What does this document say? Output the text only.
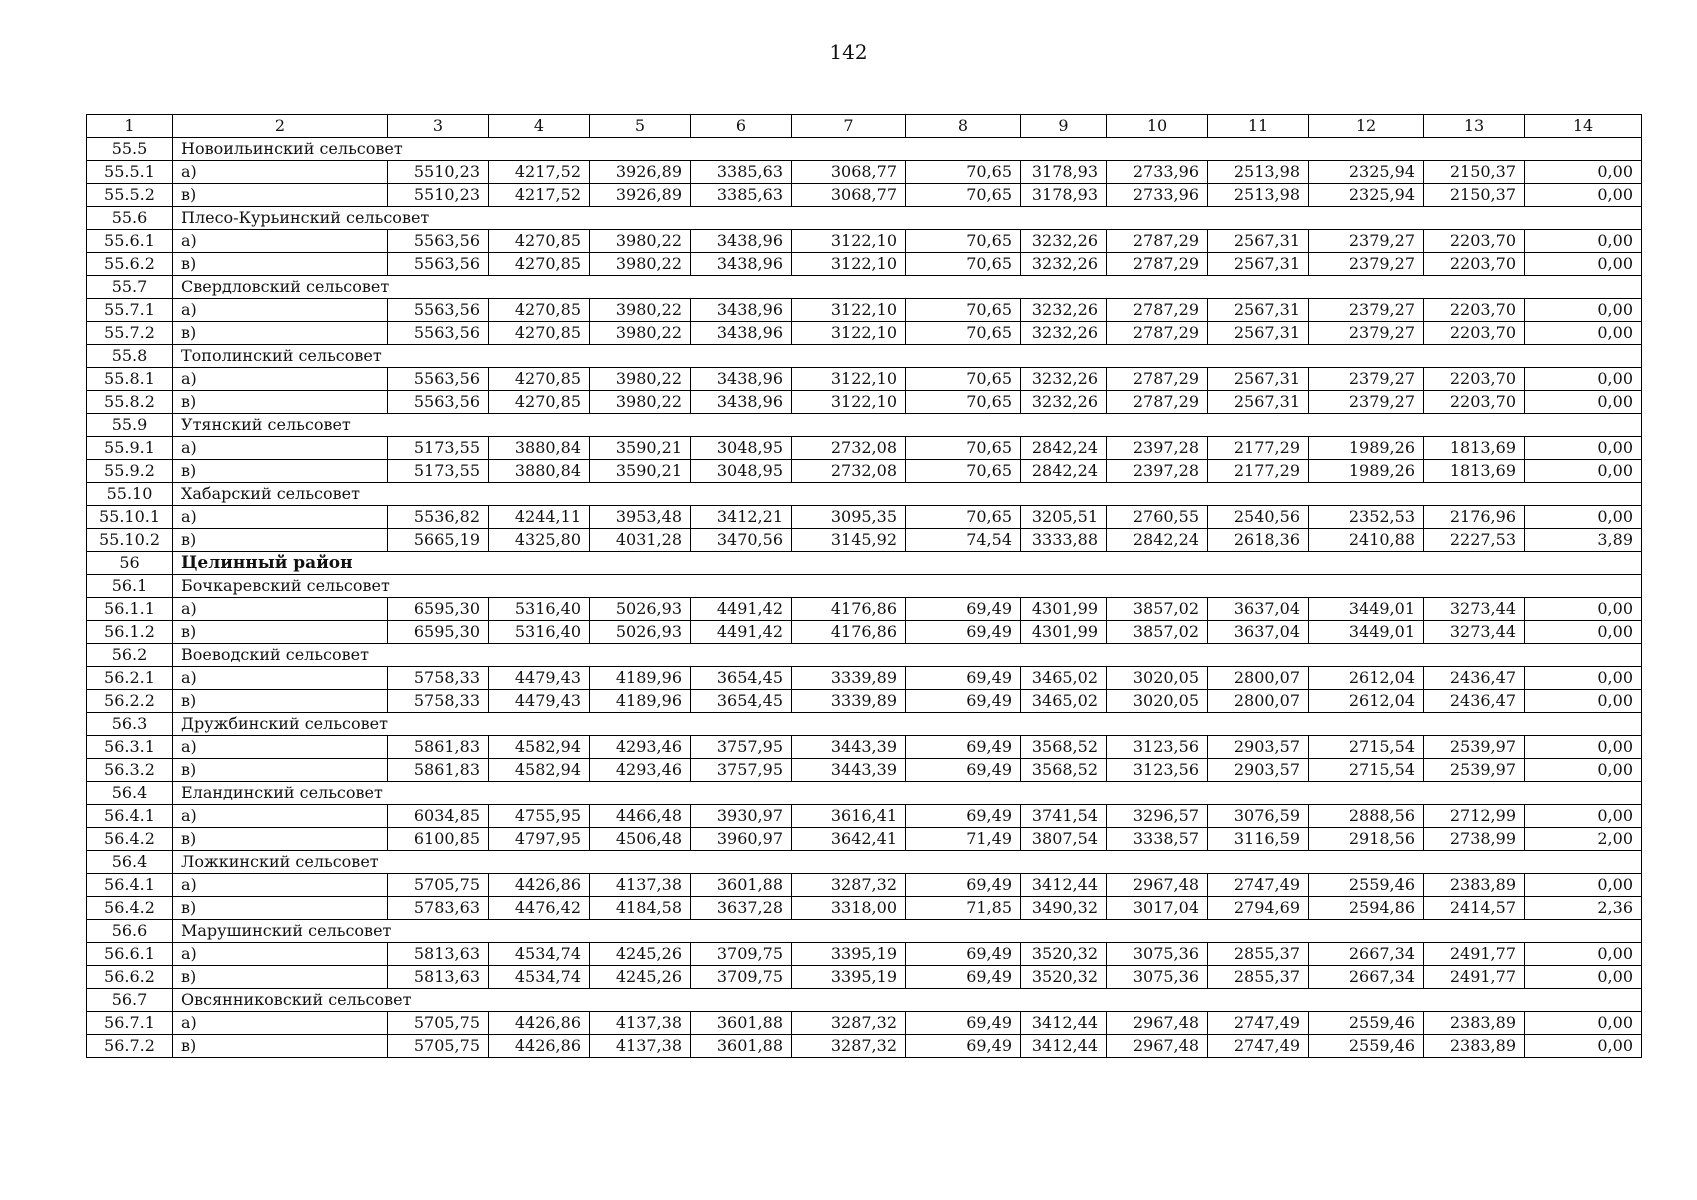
142
1	2	3	4	5	6	7	8	9	10	11	12	13	14
55.5	Новоильинский сельсовет												
55.5.1	а)	5510,23	4217,52	3926,89	3385,63	3068,77	70,65	3178,93	2733,96	2513,98	2325,94	2150,37	0,00
55.5.2	в)	5510,23	4217,52	3926,89	3385,63	3068,77	70,65	3178,93	2733,96	2513,98	2325,94	2150,37	0,00
55.6	Плесо-Курьинский сельсовет												
55.6.1	а)	5563,56	4270,85	3980,22	3438,96	3122,10	70,65	3232,26	2787,29	2567,31	2379,27	2203,70	0,00
55.6.2	в)	5563,56	4270,85	3980,22	3438,96	3122,10	70,65	3232,26	2787,29	2567,31	2379,27	2203,70	0,00
55.7	Свердловский сельсовет												
55.7.1	а)	5563,56	4270,85	3980,22	3438,96	3122,10	70,65	3232,26	2787,29	2567,31	2379,27	2203,70	0,00
55.7.2	в)	5563,56	4270,85	3980,22	3438,96	3122,10	70,65	3232,26	2787,29	2567,31	2379,27	2203,70	0,00
55.8	Тополинский сельсовет												
55.8.1	а)	5563,56	4270,85	3980,22	3438,96	3122,10	70,65	3232,26	2787,29	2567,31	2379,27	2203,70	0,00
55.8.2	в)	5563,56	4270,85	3980,22	3438,96	3122,10	70,65	3232,26	2787,29	2567,31	2379,27	2203,70	0,00
55.9	Утянский сельсовет												
55.9.1	а)	5173,55	3880,84	3590,21	3048,95	2732,08	70,65	2842,24	2397,28	2177,29	1989,26	1813,69	0,00
55.9.2	в)	5173,55	3880,84	3590,21	3048,95	2732,08	70,65	2842,24	2397,28	2177,29	1989,26	1813,69	0,00
55.10	Хабарский сельсовет												
55.10.1	а)	5536,82	4244,11	3953,48	3412,21	3095,35	70,65	3205,51	2760,55	2540,56	2352,53	2176,96	0,00
55.10.2	в)	5665,19	4325,80	4031,28	3470,56	3145,92	74,54	3333,88	2842,24	2618,36	2410,88	2227,53	3,89
56	Целинный район												
56.1	Бочкаревский сельсовет												
56.1.1	а)	6595,30	5316,40	5026,93	4491,42	4176,86	69,49	4301,99	3857,02	3637,04	3449,01	3273,44	0,00
56.1.2	в)	6595,30	5316,40	5026,93	4491,42	4176,86	69,49	4301,99	3857,02	3637,04	3449,01	3273,44	0,00
56.2	Воеводский сельсовет												
56.2.1	а)	5758,33	4479,43	4189,96	3654,45	3339,89	69,49	3465,02	3020,05	2800,07	2612,04	2436,47	0,00
56.2.2	в)	5758,33	4479,43	4189,96	3654,45	3339,89	69,49	3465,02	3020,05	2800,07	2612,04	2436,47	0,00
56.3	Дружбинский сельсовет												
56.3.1	а)	5861,83	4582,94	4293,46	3757,95	3443,39	69,49	3568,52	3123,56	2903,57	2715,54	2539,97	0,00
56.3.2	в)	5861,83	4582,94	4293,46	3757,95	3443,39	69,49	3568,52	3123,56	2903,57	2715,54	2539,97	0,00
56.4	Еландинский сельсовет												
56.4.1	а)	6034,85	4755,95	4466,48	3930,97	3616,41	69,49	3741,54	3296,57	3076,59	2888,56	2712,99	0,00
56.4.2	в)	6100,85	4797,95	4506,48	3960,97	3642,41	71,49	3807,54	3338,57	3116,59	2918,56	2738,99	2,00
56.4	Ложкинский сельсовет												
56.4.1	а)	5705,75	4426,86	4137,38	3601,88	3287,32	69,49	3412,44	2967,48	2747,49	2559,46	2383,89	0,00
56.4.2	в)	5783,63	4476,42	4184,58	3637,28	3318,00	71,85	3490,32	3017,04	2794,69	2594,86	2414,57	2,36
56.6	Марушинский сельсовет												
56.6.1	а)	5813,63	4534,74	4245,26	3709,75	3395,19	69,49	3520,32	3075,36	2855,37	2667,34	2491,77	0,00
56.6.2	в)	5813,63	4534,74	4245,26	3709,75	3395,19	69,49	3520,32	3075,36	2855,37	2667,34	2491,77	0,00
56.7	Овсянниковский сельсовет												
56.7.1	а)	5705,75	4426,86	4137,38	3601,88	3287,32	69,49	3412,44	2967,48	2747,49	2559,46	2383,89	0,00
56.7.2	в)	5705,75	4426,86	4137,38	3601,88	3287,32	69,49	3412,44	2967,48	2747,49	2559,46	2383,89	0,00
